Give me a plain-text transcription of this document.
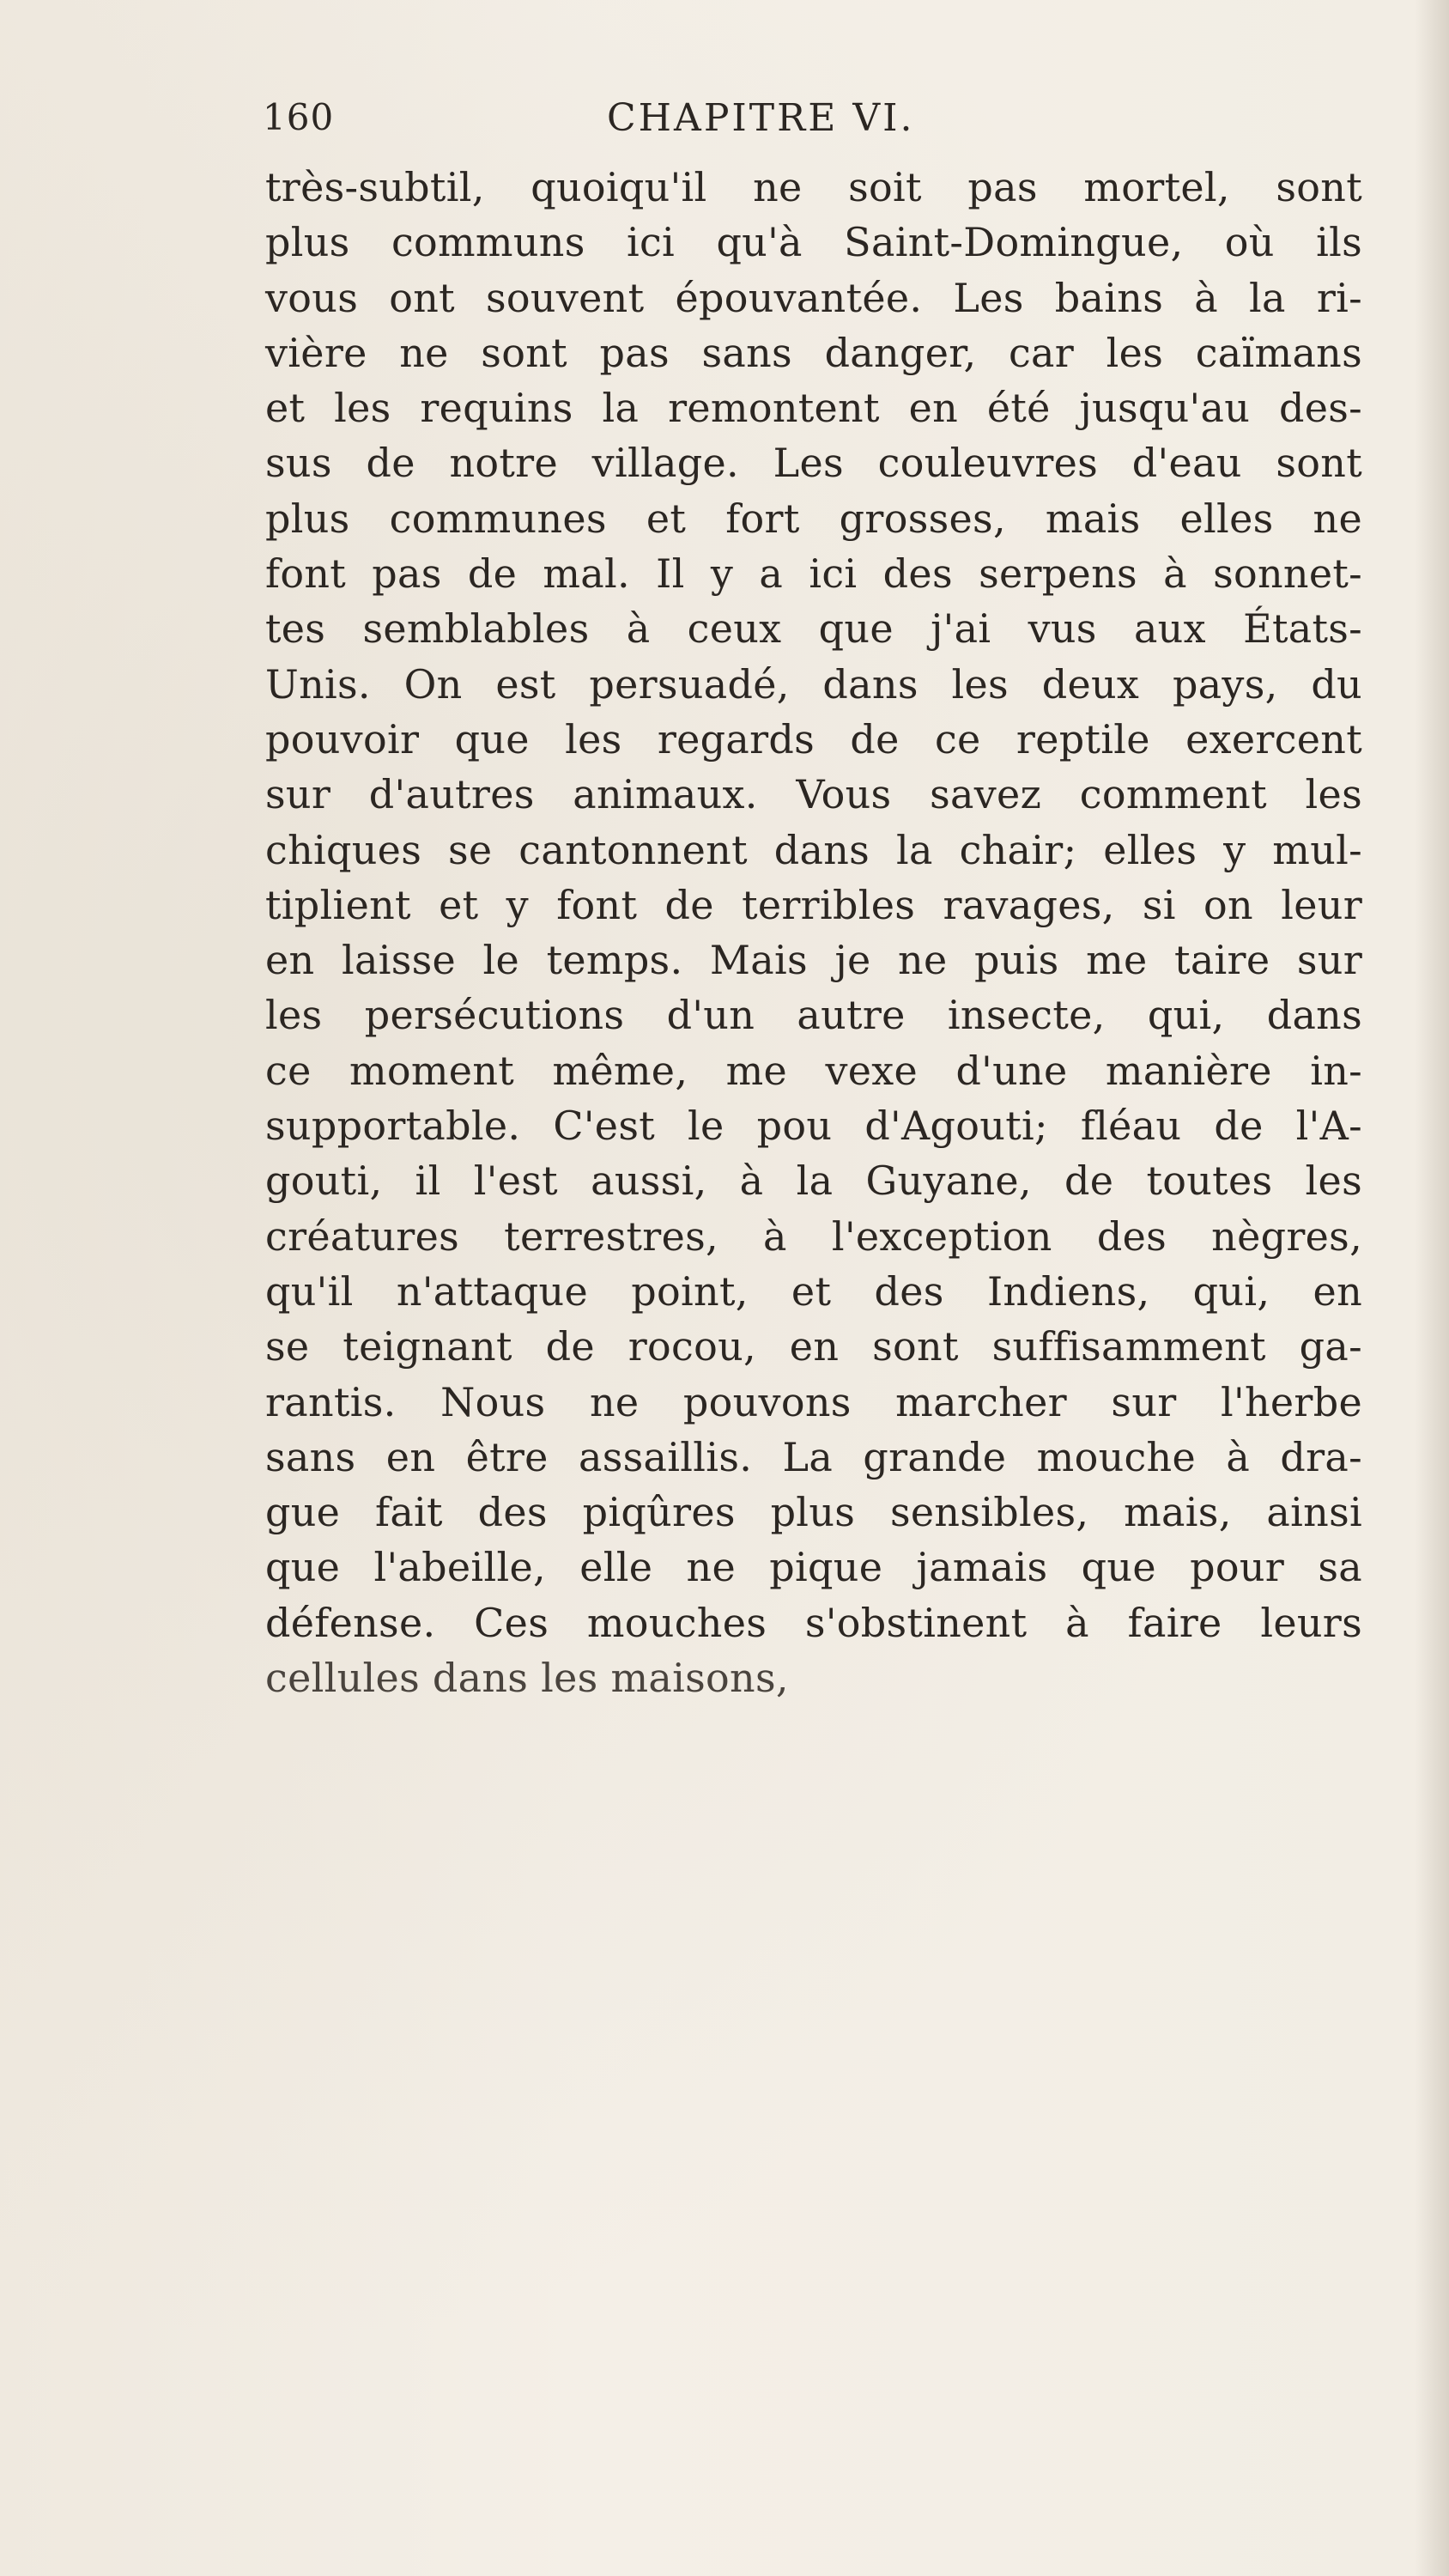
160	CHAPITRE VI.
très-subtil, quoiqu'il ne soit pas mortel, sont
plus communs ici qu'à Saint-Domingue, où ils
vous ont souvent épouvantée. Les bains à la ri-
vière ne sont pas sans danger, car les caïmans
et les requins la remontent en été jusqu'au des-
sus de notre village. Les couleuvres d'eau sont
plus communes et fort grosses, mais elles ne
font pas de mal. Il y a ici des serpens à sonnet-
tes semblables à ceux que j'ai vus aux États-
Unis. On est persuadé, dans les deux pays, du
pouvoir que les regards de ce reptile exercent
sur d'autres animaux. Vous savez comment les
chiques se cantonnent dans la chair; elles y mul-
tiplient et y font de terribles ravages, si on leur
en laisse le temps. Mais je ne puis me taire sur
les persécutions d'un autre insecte, qui, dans
ce moment même, me vexe d'une manière in-
supportable. C'est le pou d'Agouti; fléau de l'A-
gouti, il l'est aussi, à la Guyane, de toutes les
créatures terrestres, à l'exception des nègres,
qu'il n'attaque point, et des Indiens, qui, en
se teignant de rocou, en sont suffisamment ga-
rantis. Nous ne pouvons marcher sur l'herbe
sans en être assaillis. La grande mouche à dra-
gue fait des piqûres plus sensibles, mais, ainsi
que l'abeille, elle ne pique jamais que pour sa
défense. Ces mouches s'obstinent à faire leurs
cellules dans les maisons,
